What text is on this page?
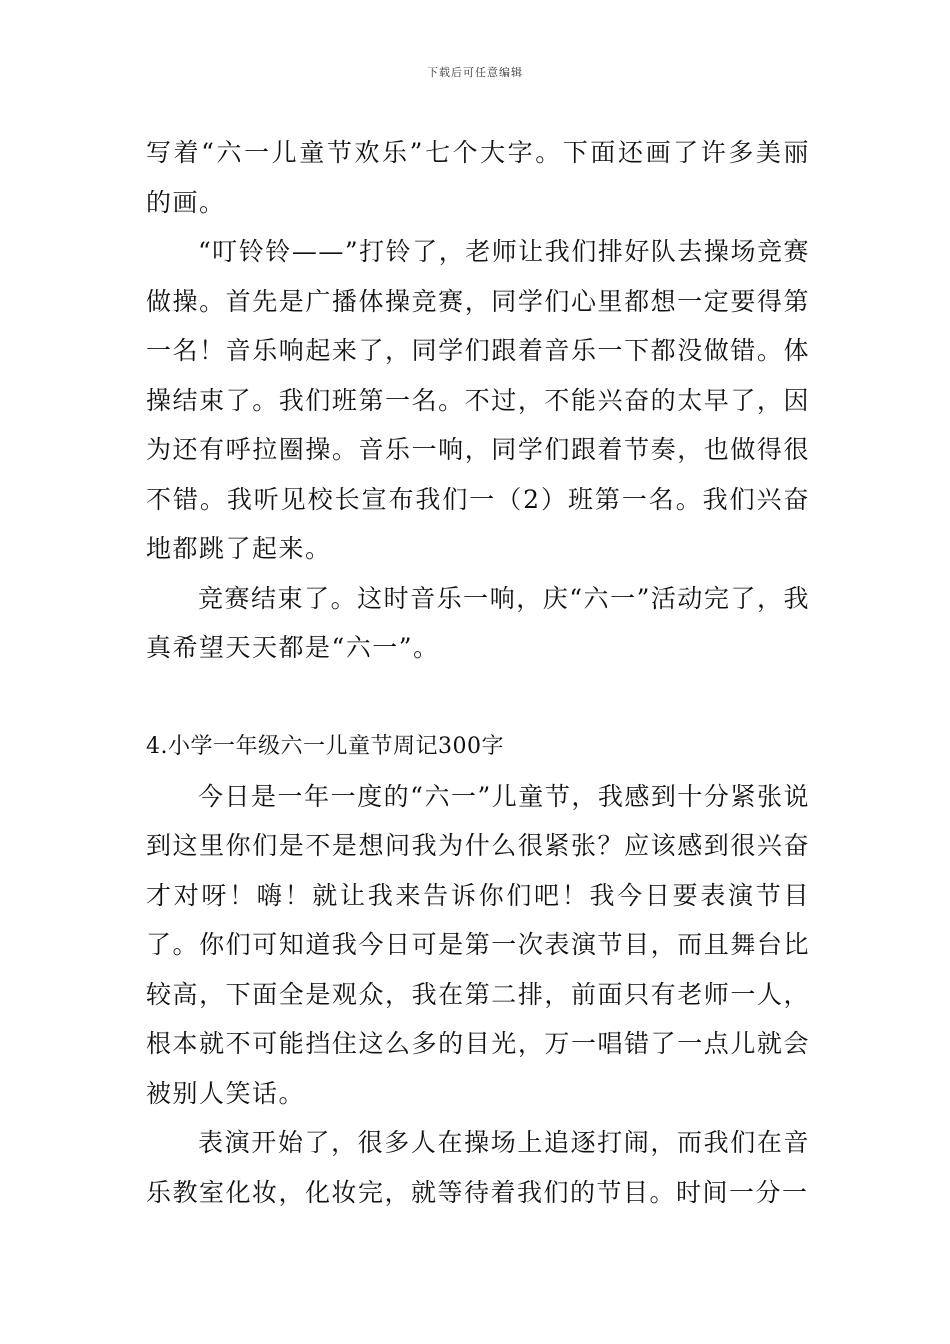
下载后可任意编辑

写着“六一儿童节欢乐”七个大字。下面还画了许多美丽的画。

“叮铃铃——”打铃了，老师让我们排好队去操场竞赛做操。首先是广播体操竞赛，同学们心里都想一定要得第一名！音乐响起来了，同学们跟着音乐一下都没做错。体操结束了。我们班第一名。不过，不能兴奋的太早了，因为还有呼拉圈操。音乐一响，同学们跟着节奏，也做得很不错。我听见校长宣布我们一（2）班第一名。我们兴奋地都跳了起来。

竞赛结束了。这时音乐一响，庆“六一”活动完了，我真希望天天都是“六一”。

4.小学一年级六一儿童节周记300字

今日是一年一度的“六一”儿童节，我感到十分紧张说到这里你们是不是想问我为什么很紧张？应该感到很兴奋才对呀！嗨！就让我来告诉你们吧！我今日要表演节目了。你们可知道我今日可是第一次表演节目，而且舞台比较高，下面全是观众，我在第二排，前面只有老师一人，根本就不可能挡住这么多的目光，万一唱错了一点儿就会被别人笑话。

表演开始了，很多人在操场上追逐打闹，而我们在音乐教室化妆，化妆完，就等待着我们的节目。时间一分一
